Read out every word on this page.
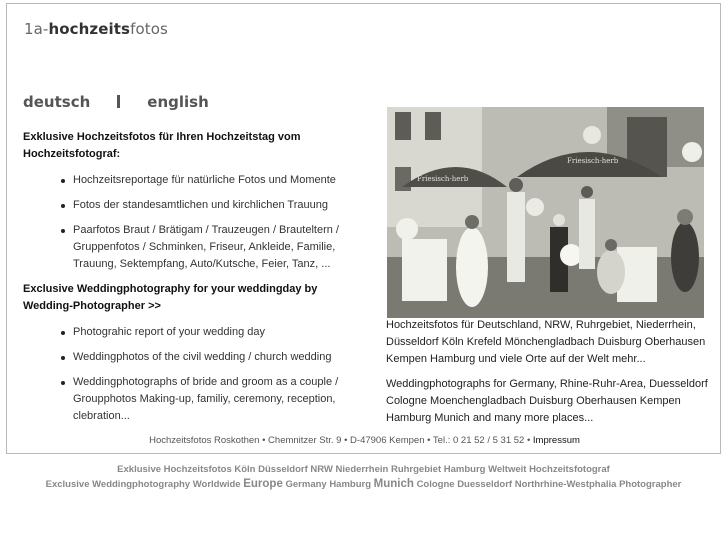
1a-hochzeitsfotos
deutsch	english
Exklusive Hochzeitsfotos für Ihren Hochzeitstag vom Hochzeitsfotograf:
Hochzeitsreportage für natürliche Fotos und Momente
Fotos der standesamtlichen und kirchlichen Trauung
Paarfotos Braut / Brätigam / Trauzeugen / Brauteltern / Gruppenfotos / Schminken, Friseur, Ankleide, Familie, Trauung, Sektempfang, Auto/Kutsche, Feier, Tanz, ...
Exclusive Weddingphotography for your weddingday by Wedding-Photographer >>
Photograhic report of your wedding day
Weddingphotos of the civil wedding / church wedding
Weddingphotographs of bride and groom as a couple / Groupphotos Making-up, familiy, ceremony, reception, clebration...
Friesisch-herb
Friesisch-herb
Hochzeitsfotos für Deutschland, NRW, Ruhrgebiet, Niederrhein, Düsseldorf Köln Krefeld Mönchengladbach Duisburg Oberhausen Kempen Hamburg und viele Orte auf der Welt mehr...
Weddingphotographs for Germany, Rhine-Ruhr-Area, Duesseldorf Cologne Moenchengladbach Duisburg Oberhausen Kempen Hamburg Munich and many more places...
Hochzeitsfotos Roskothen • Chemnitzer Str. 9 • D-47906 Kempen • Tel.: 0 21 52 / 5 31 52 • Impressum
Exklusive Hochzeitsfotos Köln Düsseldorf NRW Niederrhein Ruhrgebiet Hamburg Weltweit Hochzeitsfotograf
Exclusive Weddingphotography Worldwide Europe Germany Hamburg Munich Cologne Duesseldorf Northrhine-Westphalia Photographer
